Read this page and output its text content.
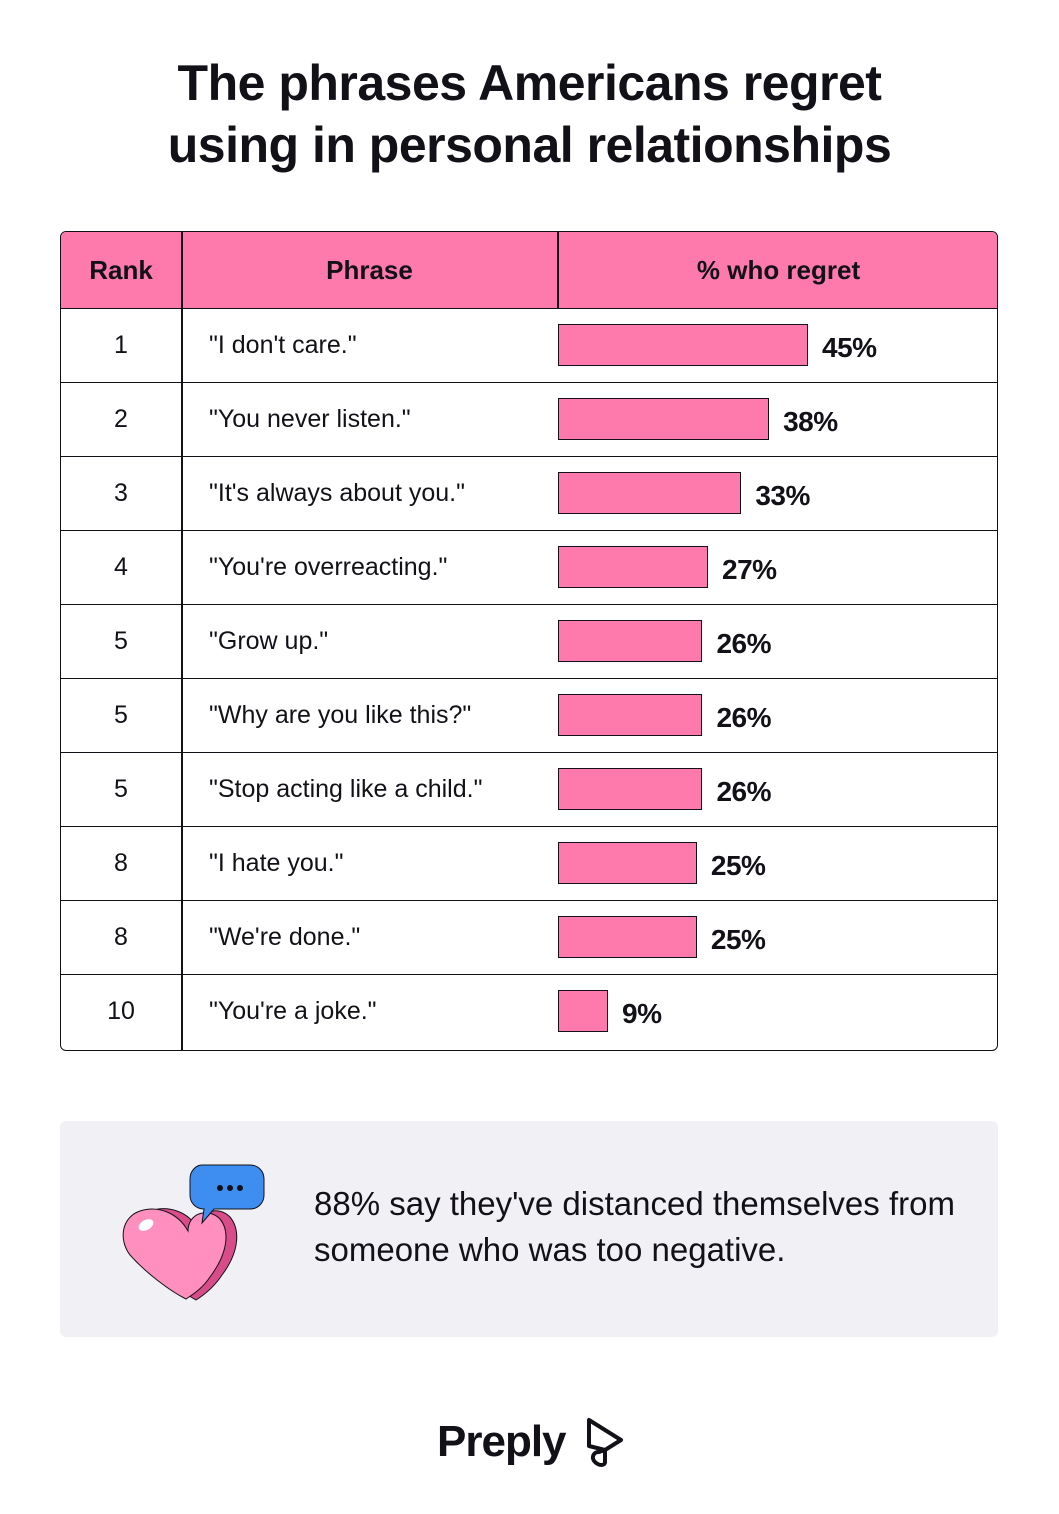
The phrases Americans regret
using in personal relationships
Rank	Phrase	% who regret
1	"I don't care."	45%
2	"You never listen."	38%
3	"It's always about you."	33%
4	"You're overreacting."	27%
5	"Grow up."	26%
5	"Why are you like this?"	26%
5	"Stop acting like a child."	26%
8	"I hate you."	25%
8	"We're done."	25%
10	"You're a joke."	9%
88% say they've distanced themselves from someone who was too negative.
Preply
